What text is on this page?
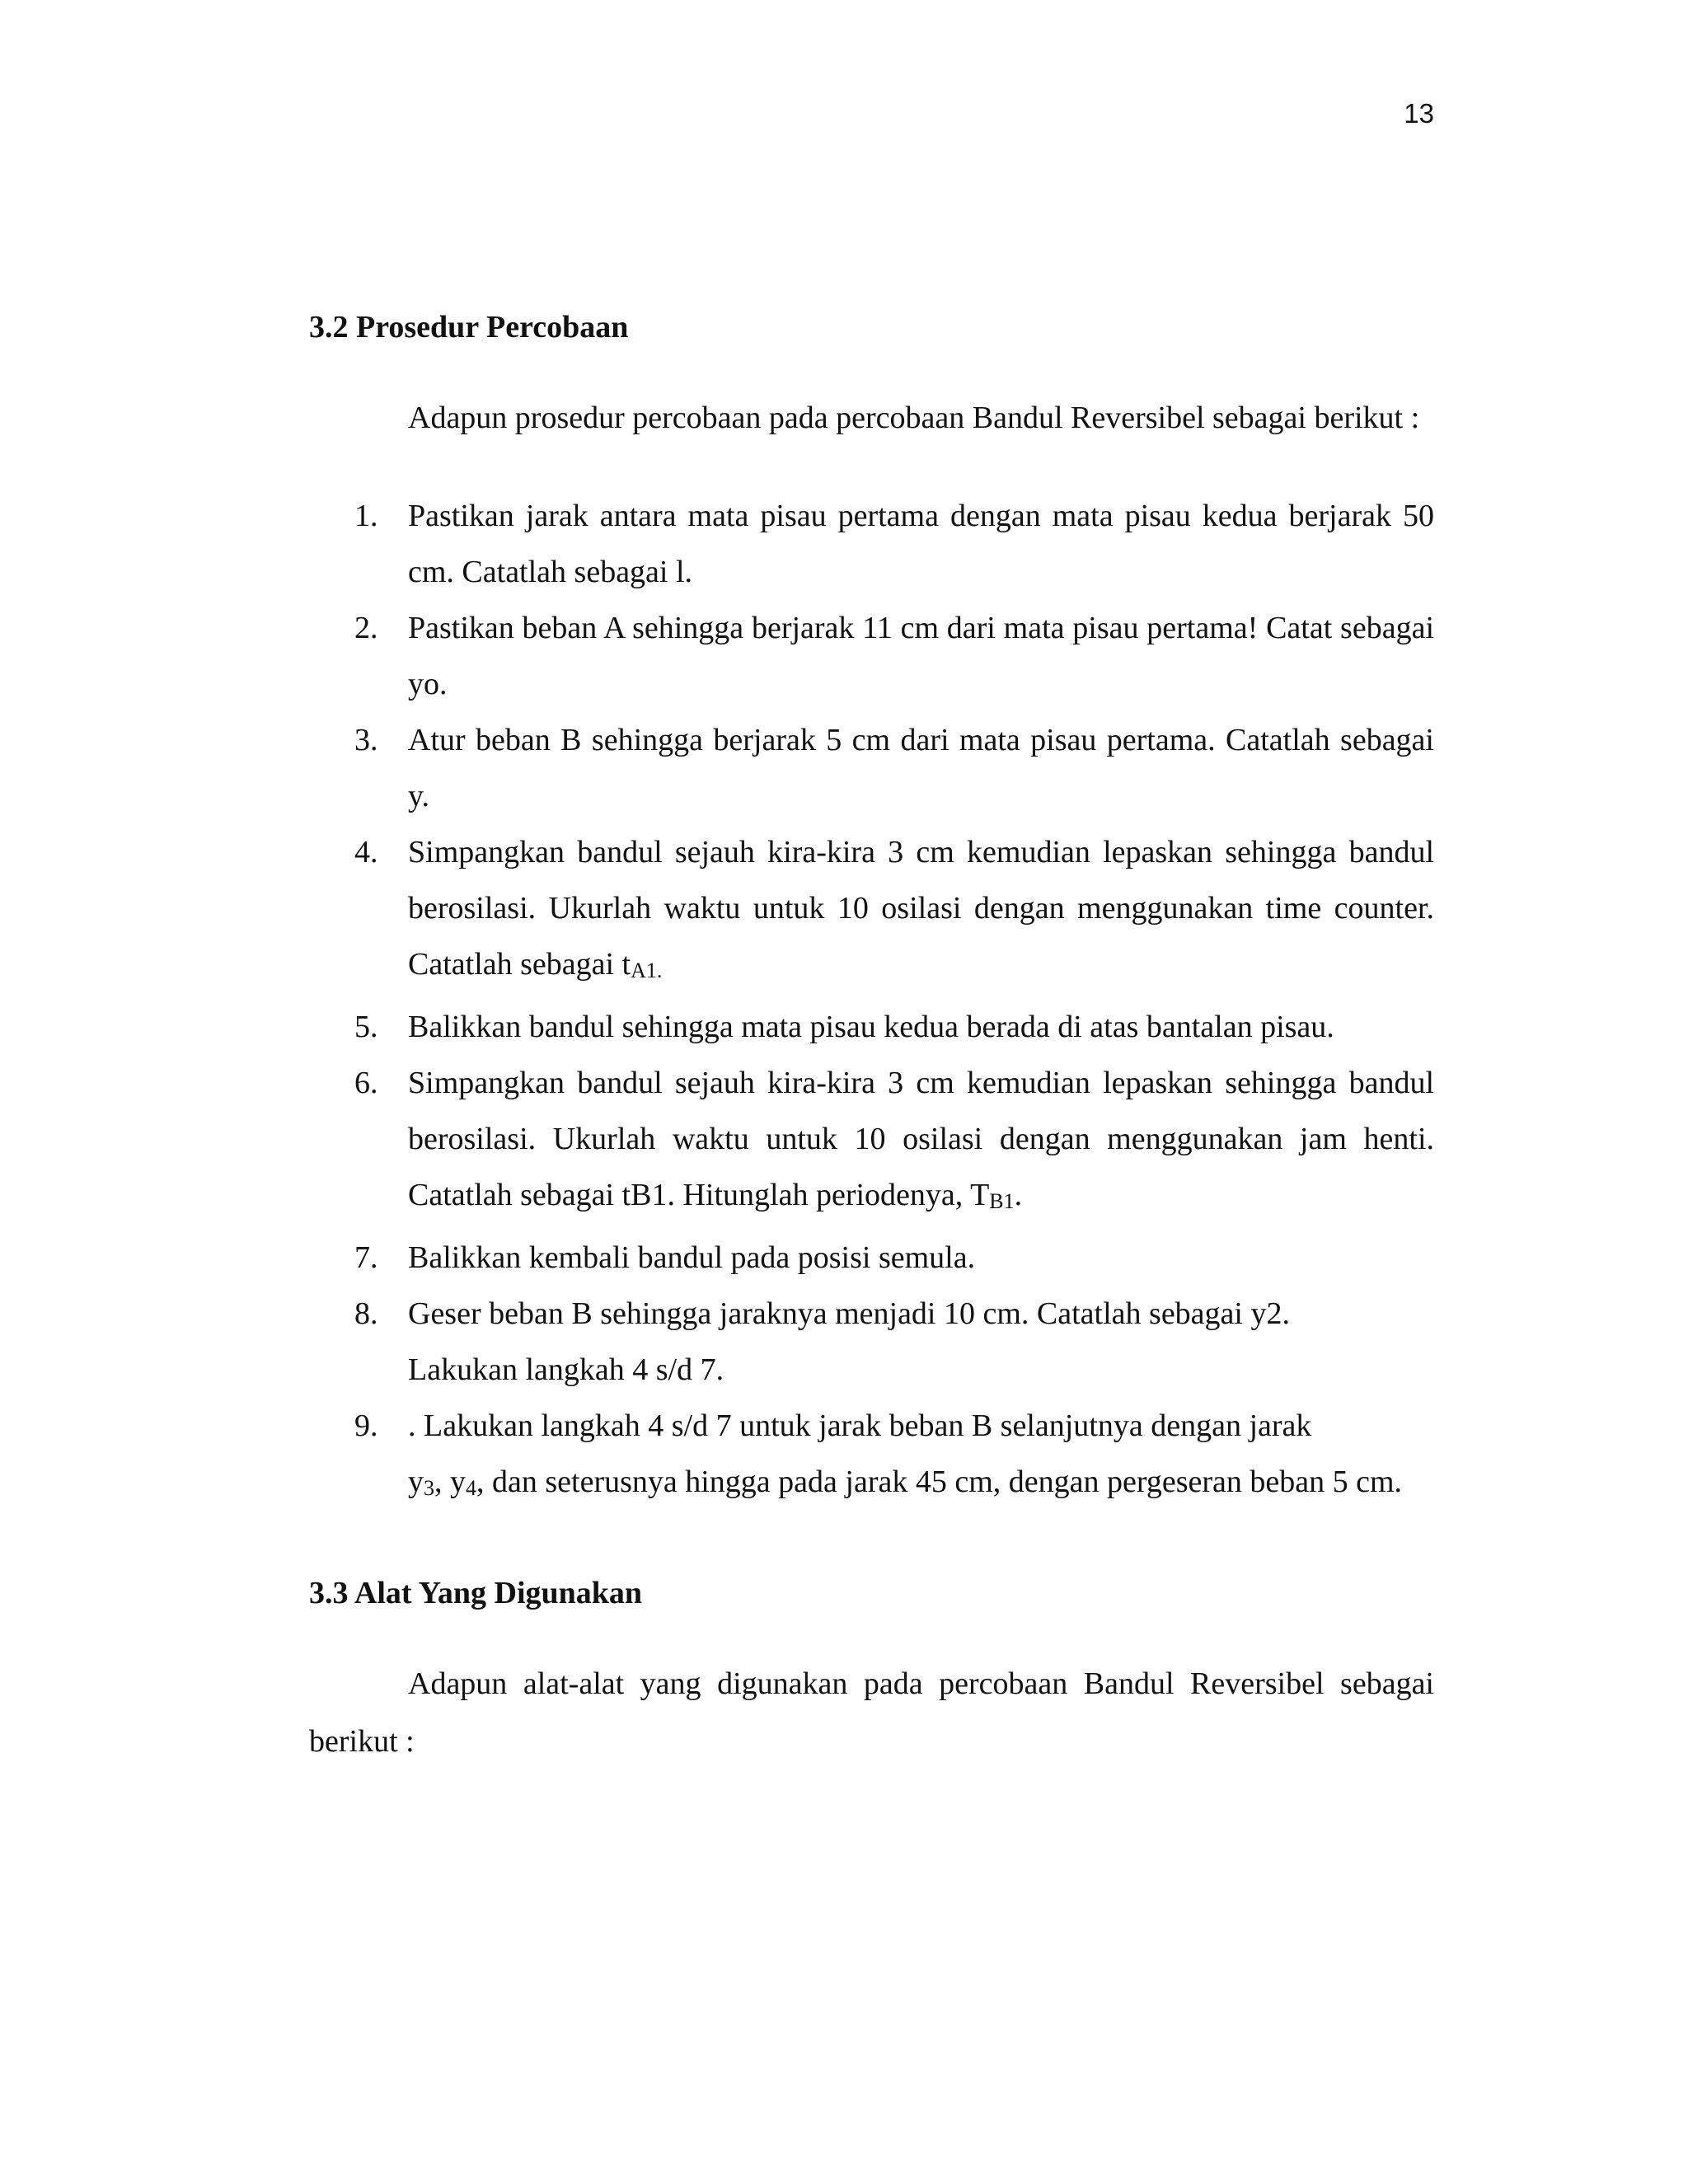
13
3.2 Prosedur Percobaan

Adapun prosedur percobaan pada percobaan Bandul Reversibel sebagai berikut :

1. Pastikan jarak antara mata pisau pertama dengan mata pisau kedua berjarak 50 cm. Catatlah sebagai l.
2. Pastikan beban A sehingga berjarak 11 cm dari mata pisau pertama! Catat sebagai yo.
3. Atur beban B sehingga berjarak 5 cm dari mata pisau pertama. Catatlah sebagai y.
4. Simpangkan bandul sejauh kira-kira 3 cm kemudian lepaskan sehingga bandul berosilasi. Ukurlah waktu untuk 10 osilasi dengan menggunakan time counter. Catatlah sebagai $t_{A1.}$
5. Balikkan bandul sehingga mata pisau kedua berada di atas bantalan pisau.
6. Simpangkan bandul sejauh kira-kira 3 cm kemudian lepaskan sehingga bandul berosilasi. Ukurlah waktu untuk 10 osilasi dengan menggunakan jam henti. Catatlah sebagai tB1. Hitunglah periodenya, $T_{B1}$.
7. Balikkan kembali bandul pada posisi semula.
8. Geser beban B sehingga jaraknya menjadi 10 cm. Catatlah sebagai y2.
Lakukan langkah 4 s/d 7.
9. . Lakukan langkah 4 s/d 7 untuk jarak beban B selanjutnya dengan jarak
$y_3$, $y_4$, dan seterusnya hingga pada jarak 45 cm, dengan pergeseran beban 5 cm.
3.3 Alat Yang Digunakan

Adapun alat-alat yang digunakan pada percobaan Bandul Reversibel sebagai berikut :
